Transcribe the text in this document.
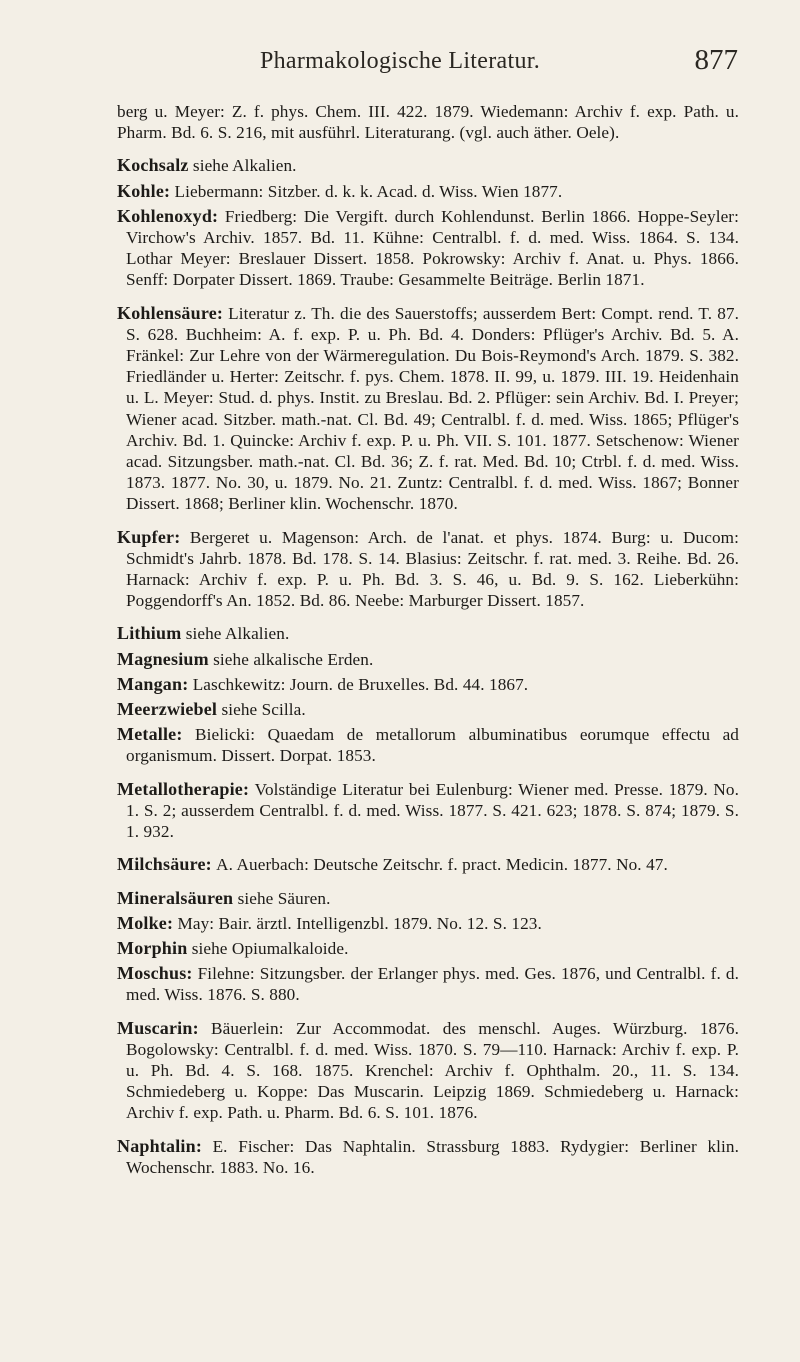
Pharmakologische Literatur.	877

berg u. Meyer: Z. f. phys. Chem. III. 422. 1879. Wiedemann: Archiv f. exp. Path. u. Pharm. Bd. 6. S. 216, mit ausführl. Literaturang. (vgl. auch äther. Oele).

Kochsalz siehe Alkalien.

Kohle: Liebermann: Sitzber. d. k. k. Acad. d. Wiss. Wien 1877.

Kohlenoxyd: Friedberg: Die Vergift. durch Kohlendunst. Berlin 1866. Hoppe-Seyler: Virchow's Archiv. 1857. Bd. 11. Kühne: Centralbl. f. d. med. Wiss. 1864. S. 134. Lothar Meyer: Breslauer Dissert. 1858. Pokrowsky: Archiv f. Anat. u. Phys. 1866. Senff: Dorpater Dissert. 1869. Traube: Gesammelte Beiträge. Berlin 1871.

Kohlensäure: Literatur z. Th. die des Sauerstoffs; ausserdem Bert: Compt. rend. T. 87. S. 628. Buchheim: A. f. exp. P. u. Ph. Bd. 4. Donders: Pflüger's Archiv. Bd. 5. A. Fränkel: Zur Lehre von der Wärmeregulation. Du Bois-Reymond's Arch. 1879. S. 382. Friedländer u. Herter: Zeitschr. f. pys. Chem. 1878. II. 99, u. 1879. III. 19. Heidenhain u. L. Meyer: Stud. d. phys. Instit. zu Breslau. Bd. 2. Pflüger: sein Archiv. Bd. I. Preyer; Wiener acad. Sitzber. math.-nat. Cl. Bd. 49; Centralbl. f. d. med. Wiss. 1865; Pflüger's Archiv. Bd. 1. Quincke: Archiv f. exp. P. u. Ph. VII. S. 101. 1877. Setschenow: Wiener acad. Sitzungsber. math.-nat. Cl. Bd. 36; Z. f. rat. Med. Bd. 10; Ctrbl. f. d. med. Wiss. 1873. 1877. No. 30, u. 1879. No. 21. Zuntz: Centralbl. f. d. med. Wiss. 1867; Bonner Dissert. 1868; Berliner klin. Wochenschr. 1870.

Kupfer: Bergeret u. Magenson: Arch. de l'anat. et phys. 1874. Burg: u. Ducom: Schmidt's Jahrb. 1878. Bd. 178. S. 14. Blasius: Zeitschr. f. rat. med. 3. Reihe. Bd. 26. Harnack: Archiv f. exp. P. u. Ph. Bd. 3. S. 46, u. Bd. 9. S. 162. Lieberkühn: Poggendorff's An. 1852. Bd. 86. Neebe: Marburger Dissert. 1857.

Lithium siehe Alkalien.

Magnesium siehe alkalische Erden.

Mangan: Laschkewitz: Journ. de Bruxelles. Bd. 44. 1867.

Meerzwiebel siehe Scilla.

Metalle: Bielicki: Quaedam de metallorum albuminatibus eorumque effectu ad organismum. Dissert. Dorpat. 1853.

Metallotherapie: Volständige Literatur bei Eulenburg: Wiener med. Presse. 1879. No. 1. S. 2; ausserdem Centralbl. f. d. med. Wiss. 1877. S. 421. 623; 1878. S. 874; 1879. S. 1. 932.

Milchsäure: A. Auerbach: Deutsche Zeitschr. f. pract. Medicin. 1877. No. 47.

Mineralsäuren siehe Säuren.

Molke: May: Bair. ärztl. Intelligenzbl. 1879. No. 12. S. 123.

Morphin siehe Opiumalkaloide.

Moschus: Filehne: Sitzungsber. der Erlanger phys. med. Ges. 1876, und Centralbl. f. d. med. Wiss. 1876. S. 880.

Muscarin: Bäuerlein: Zur Accommodat. des menschl. Auges. Würzburg. 1876. Bogolowsky: Centralbl. f. d. med. Wiss. 1870. S. 79—110. Harnack: Archiv f. exp. P. u. Ph. Bd. 4. S. 168. 1875. Krenchel: Archiv f. Ophthalm. 20., 11. S. 134. Schmiedeberg u. Koppe: Das Muscarin. Leipzig 1869. Schmiedeberg u. Harnack: Archiv f. exp. Path. u. Pharm. Bd. 6. S. 101. 1876.

Naphtalin: E. Fischer: Das Naphtalin. Strassburg 1883. Rydygier: Berliner klin. Wochenschr. 1883. No. 16.
